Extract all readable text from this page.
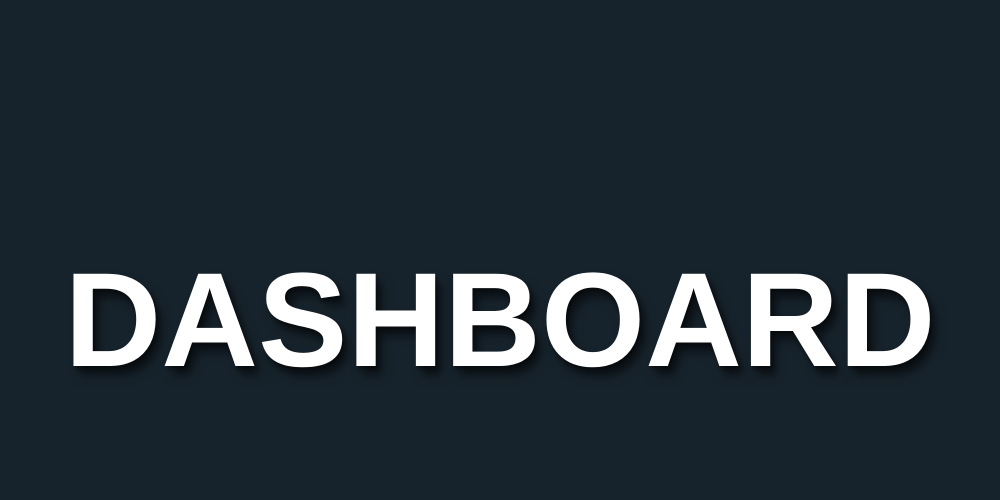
DASHBOARD
